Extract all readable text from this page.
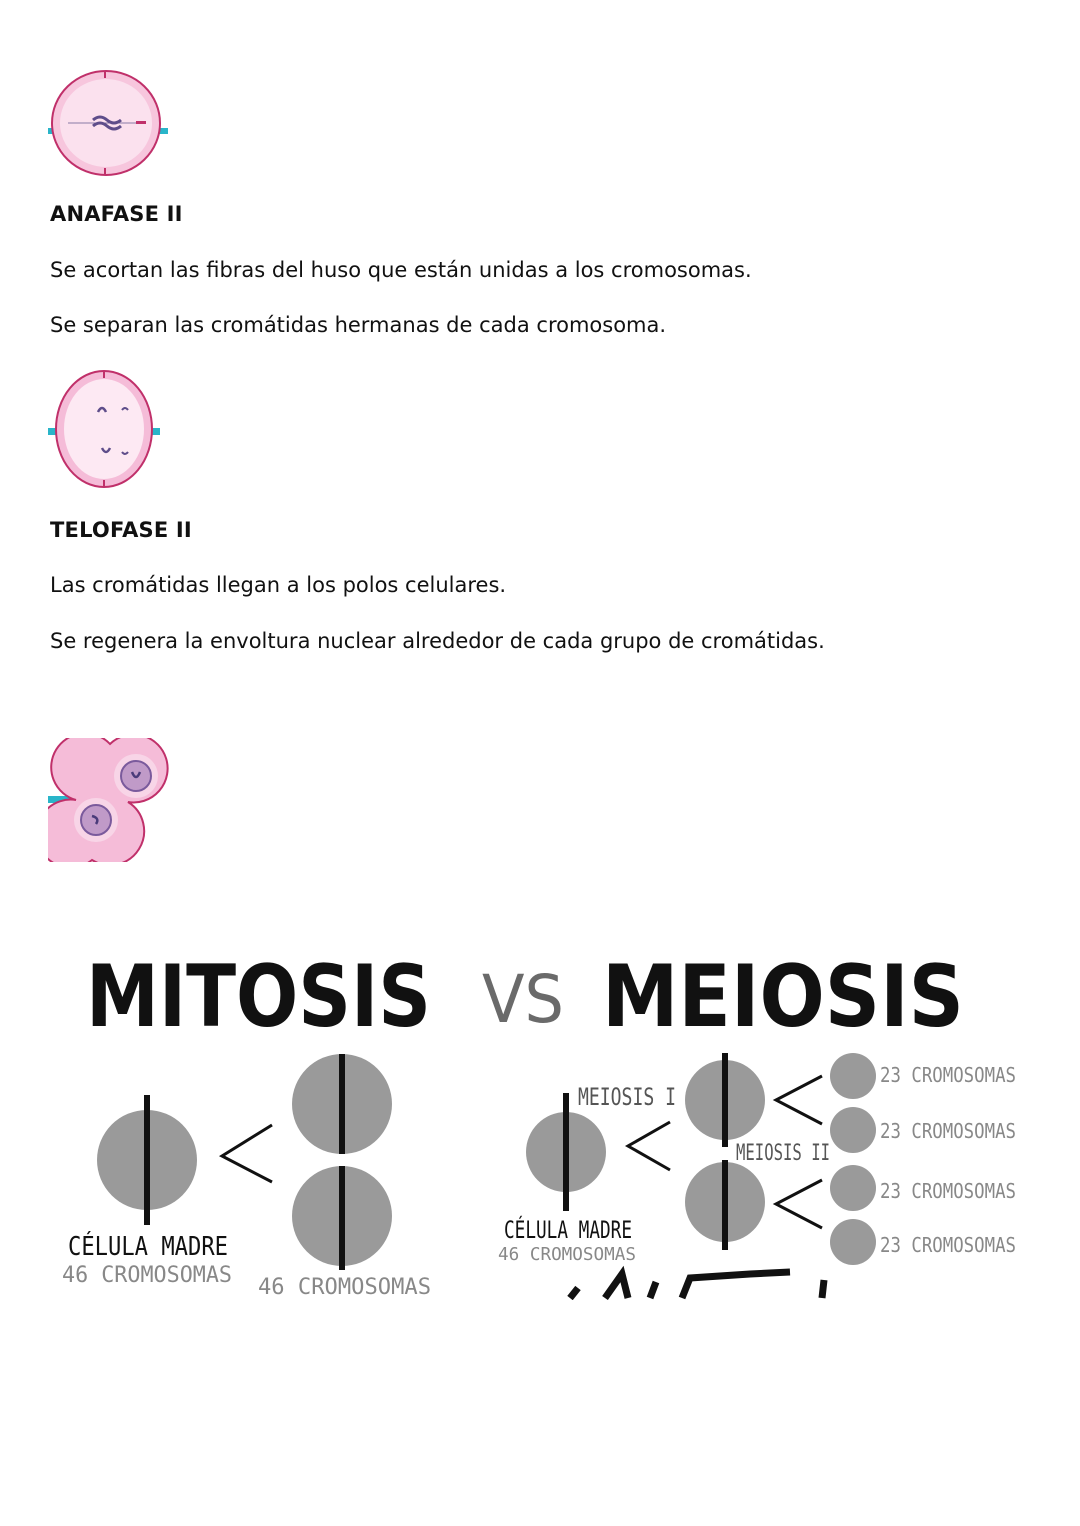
ANAFASE II
Se acortan las fibras del huso que están unidas a los cromosomas.
Se separan las cromátidas hermanas de cada cromosoma.
TELOFASE II
Las cromátidas llegan a los polos celulares.
Se regenera la envoltura nuclear alrededor de cada grupo de cromátidas.
MITOSIS VS MEIOSIS
CÉLULA MADRE
46 CROMOSOMAS 46 CROMOSOMAS
MEIOSIS I
MEIOSIS II
23 CROMOSOMAS
23 CROMOSOMAS
23 CROMOSOMAS
23 CROMOSOMAS
CÉLULA MADRE
46 CROMOSOMAS
